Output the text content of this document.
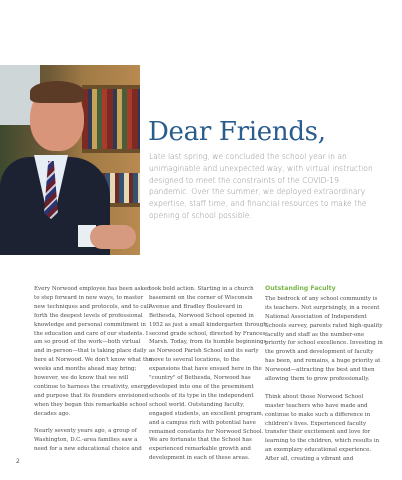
Dear Friends,

Late last spring, we concluded the school year in an unimaginable and unexpected way, with virtual instruction designed to meet the constraints of the COVID-19 pandemic. Over the summer, we deployed extraordinary expertise, staff time, and financial resources to make the opening of school possible.

Every Norwood employee has been asked to step forward in new ways, to master new techniques and protocols, and to call forth the deepest levels of professional knowledge and personal commitment in the education and care of our students. I am so proud of the work—both virtual and in-person—that is taking place daily here at Norwood. We don't know what the weeks and months ahead may bring; however, we do know that we will continue to harness the creativity, energy, and purpose that its founders envisioned when they began this remarkable school decades ago.

Nearly seventy years ago, a group of Washington, D.C.-area families saw a need for a new educational choice and

took bold action. Starting in a church basement on the corner of Wisconsin Avenue and Bradley Boulevard in Bethesda, Norwood School opened in 1952 as just a small kindergarten through second grade school, directed by Frances Marsh. Today, from its humble beginnings as Norwood Parish School and its early move to several locations, to the expansions that have ensued here in the "country" of Bethesda, Norwood has developed into one of the preeminent schools of its type in the independent school world. Outstanding faculty, engaged students, an excellent program, and a campus rich with potential have remained constants for Norwood School. We are fortunate that the School has experienced remarkable growth and development in each of these areas.

Outstanding Faculty

The bedrock of any school community is its teachers. Not surprisingly, in a recent National Association of Independent Schools survey, parents rated high-quality faculty and staff as the number-one priority for school excellence. Investing in the growth and development of faculty has been, and remains, a huge priority at Norwood—attracting the best and then allowing them to grow professionally.

Think about those Norwood School master teachers who have made and continue to make such a difference in children's lives. Experienced faculty transfer their excitement and love for learning to the children, which results in an exemplary educational experience. After all, creating a vibrant and

2
